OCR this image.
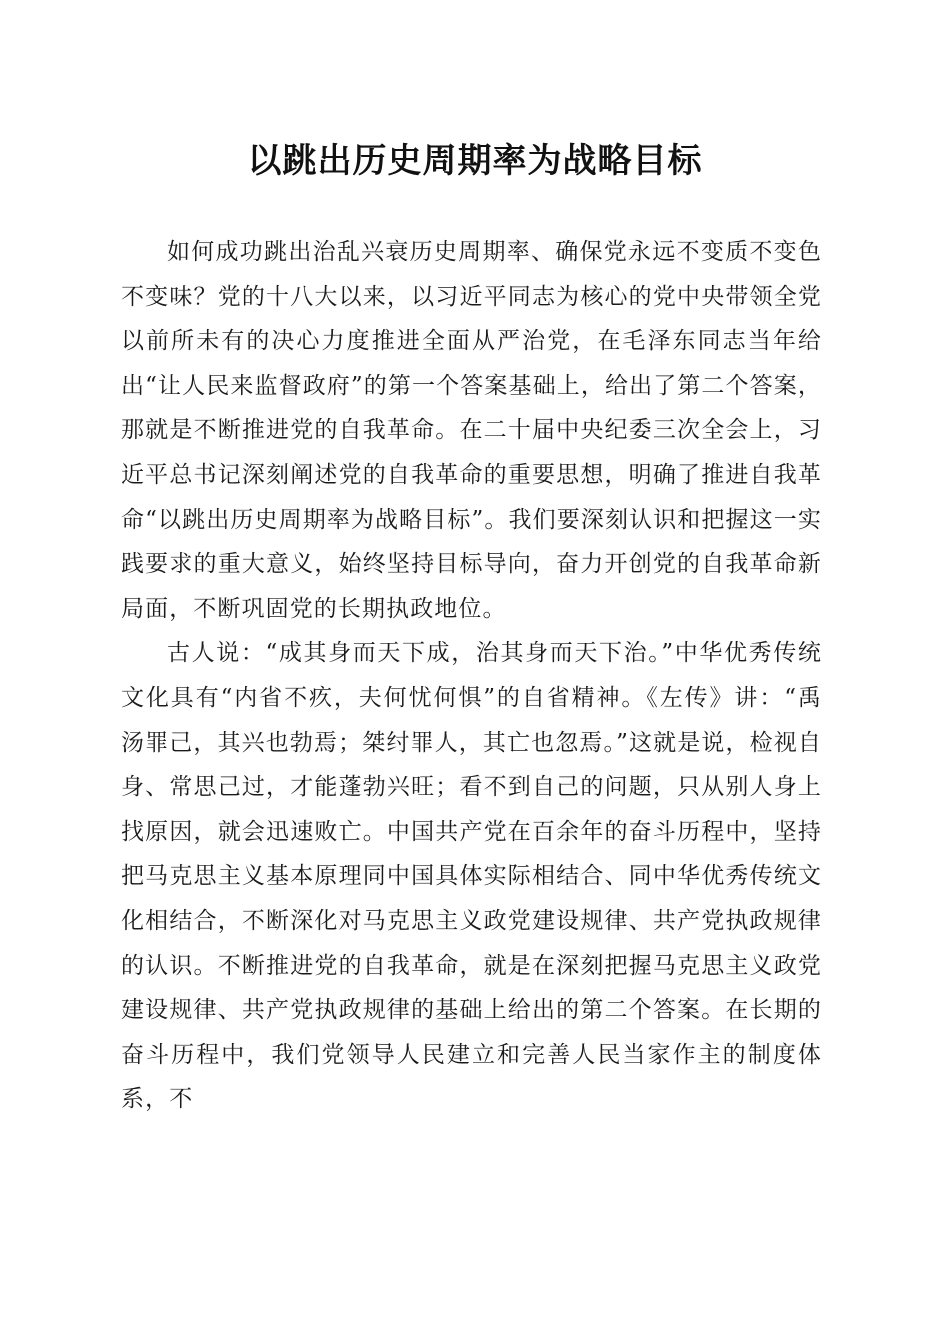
以跳出历史周期率为战略目标

如何成功跳出治乱兴衰历史周期率、确保党永远不变质不变色不变味？党的十八大以来，以习近平同志为核心的党中央带领全党以前所未有的决心力度推进全面从严治党，在毛泽东同志当年给出“让人民来监督政府”的第一个答案基础上，给出了第二个答案，那就是不断推进党的自我革命。在二十届中央纪委三次全会上，习近平总书记深刻阐述党的自我革命的重要思想，明确了推进自我革命“以跳出历史周期率为战略目标”。我们要深刻认识和把握这一实践要求的重大意义，始终坚持目标导向，奋力开创党的自我革命新局面，不断巩固党的长期执政地位。

古人说：“成其身而天下成，治其身而天下治。”中华优秀传统文化具有“内省不疚，夫何忧何惧”的自省精神。《左传》讲：“禹汤罪己，其兴也勃焉；桀纣罪人，其亡也忽焉。”这就是说，检视自身、常思己过，才能蓬勃兴旺；看不到自己的问题，只从别人身上找原因，就会迅速败亡。中国共产党在百余年的奋斗历程中，坚持把马克思主义基本原理同中国具体实际相结合、同中华优秀传统文化相结合，不断深化对马克思主义政党建设规律、共产党执政规律的认识。不断推进党的自我革命，就是在深刻把握马克思主义政党建设规律、共产党执政规律的基础上给出的第二个答案。在长期的奋斗历程中，我们党领导人民建立和完善人民当家作主的制度体系，不
